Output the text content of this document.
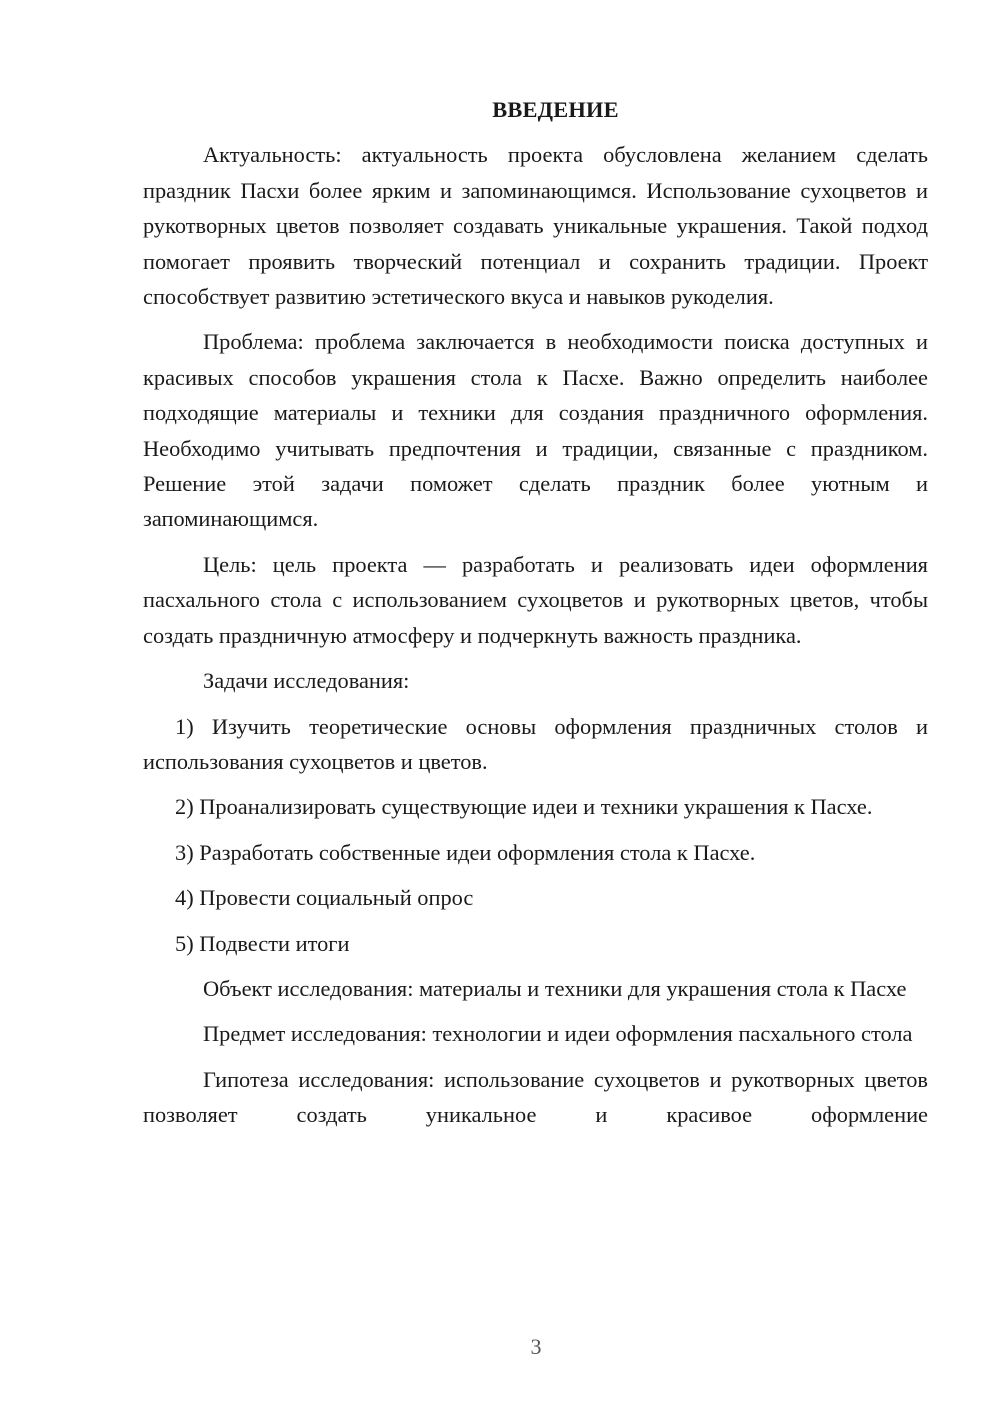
ВВЕДЕНИЕ

Актуальность: актуальность проекта обусловлена желанием сделать праздник Пасхи более ярким и запоминающимся. Использование сухоцветов и рукотворных цветов позволяет создавать уникальные украшения. Такой подход помогает проявить творческий потенциал и сохранить традиции. Проект способствует развитию эстетического вкуса и навыков рукоделия.

Проблема: проблема заключается в необходимости поиска доступных и красивых способов украшения стола к Пасхе. Важно определить наиболее подходящие материалы и техники для создания праздничного оформления. Необходимо учитывать предпочтения и традиции, связанные с праздником. Решение этой задачи поможет сделать праздник более уютным и запоминающимся.

Цель: цель проекта — разработать и реализовать идеи оформления пасхального стола с использованием сухоцветов и рукотворных цветов, чтобы создать праздничную атмосферу и подчеркнуть важность праздника.

Задачи исследования:

1) Изучить теоретические основы оформления праздничных столов и использования сухоцветов и цветов.

2) Проанализировать существующие идеи и техники украшения к Пасхе.

3) Разработать собственные идеи оформления стола к Пасхе.

4) Провести социальный опрос

5) Подвести итоги

Объект исследования: материалы и техники для украшения стола к Пасхе

Предмет исследования: технологии и идеи оформления пасхального стола

Гипотеза исследования: использование сухоцветов и рукотворных цветов позволяет создать уникальное и красивое оформление

3
